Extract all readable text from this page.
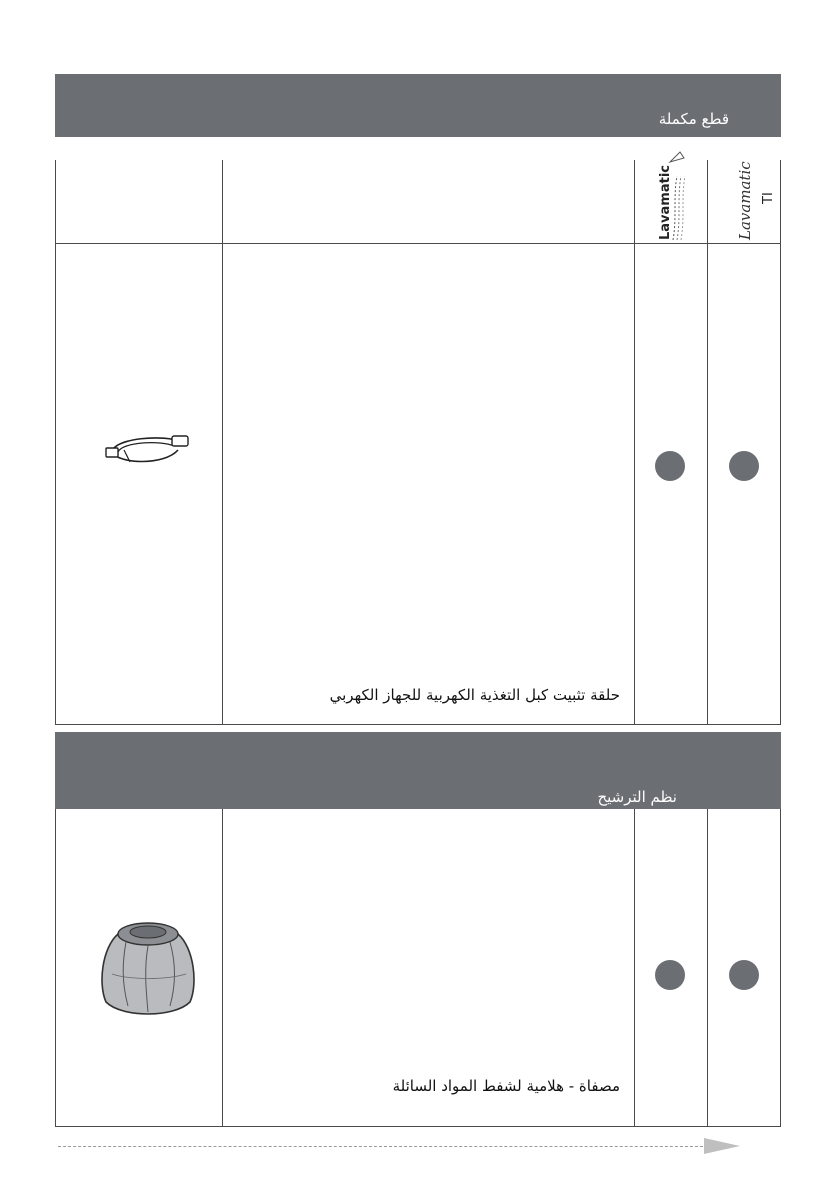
قطع مكملة
Lavamatic	Lavamatic TI
حلقة تثبيت كبل التغذية الكهربية للجهاز الكهربي
نظم الترشيح
مصفاة - هلامية لشفط المواد السائلة
